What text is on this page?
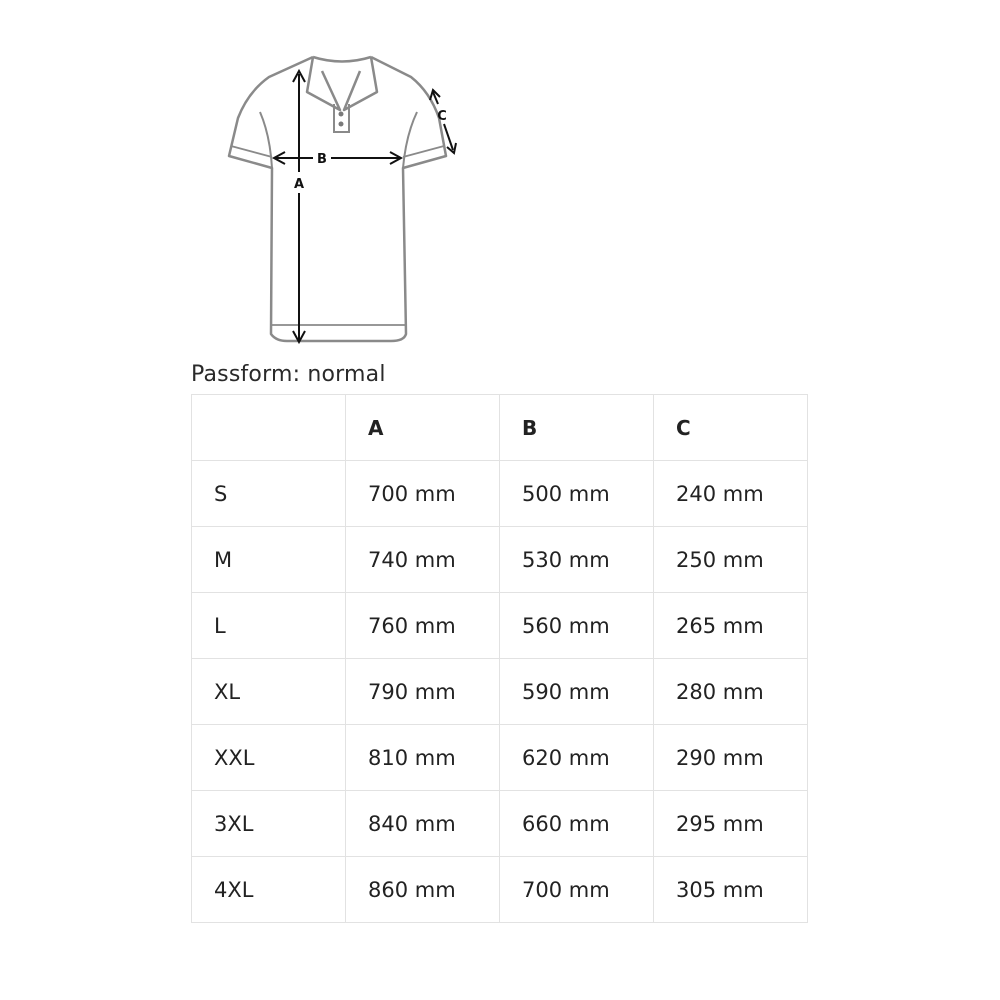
A
B
C
Passform: normal
	A	B	C
S	700 mm	500 mm	240 mm
M	740 mm	530 mm	250 mm
L	760 mm	560 mm	265 mm
XL	790 mm	590 mm	280 mm
XXL	810 mm	620 mm	290 mm
3XL	840 mm	660 mm	295 mm
4XL	860 mm	700 mm	305 mm
